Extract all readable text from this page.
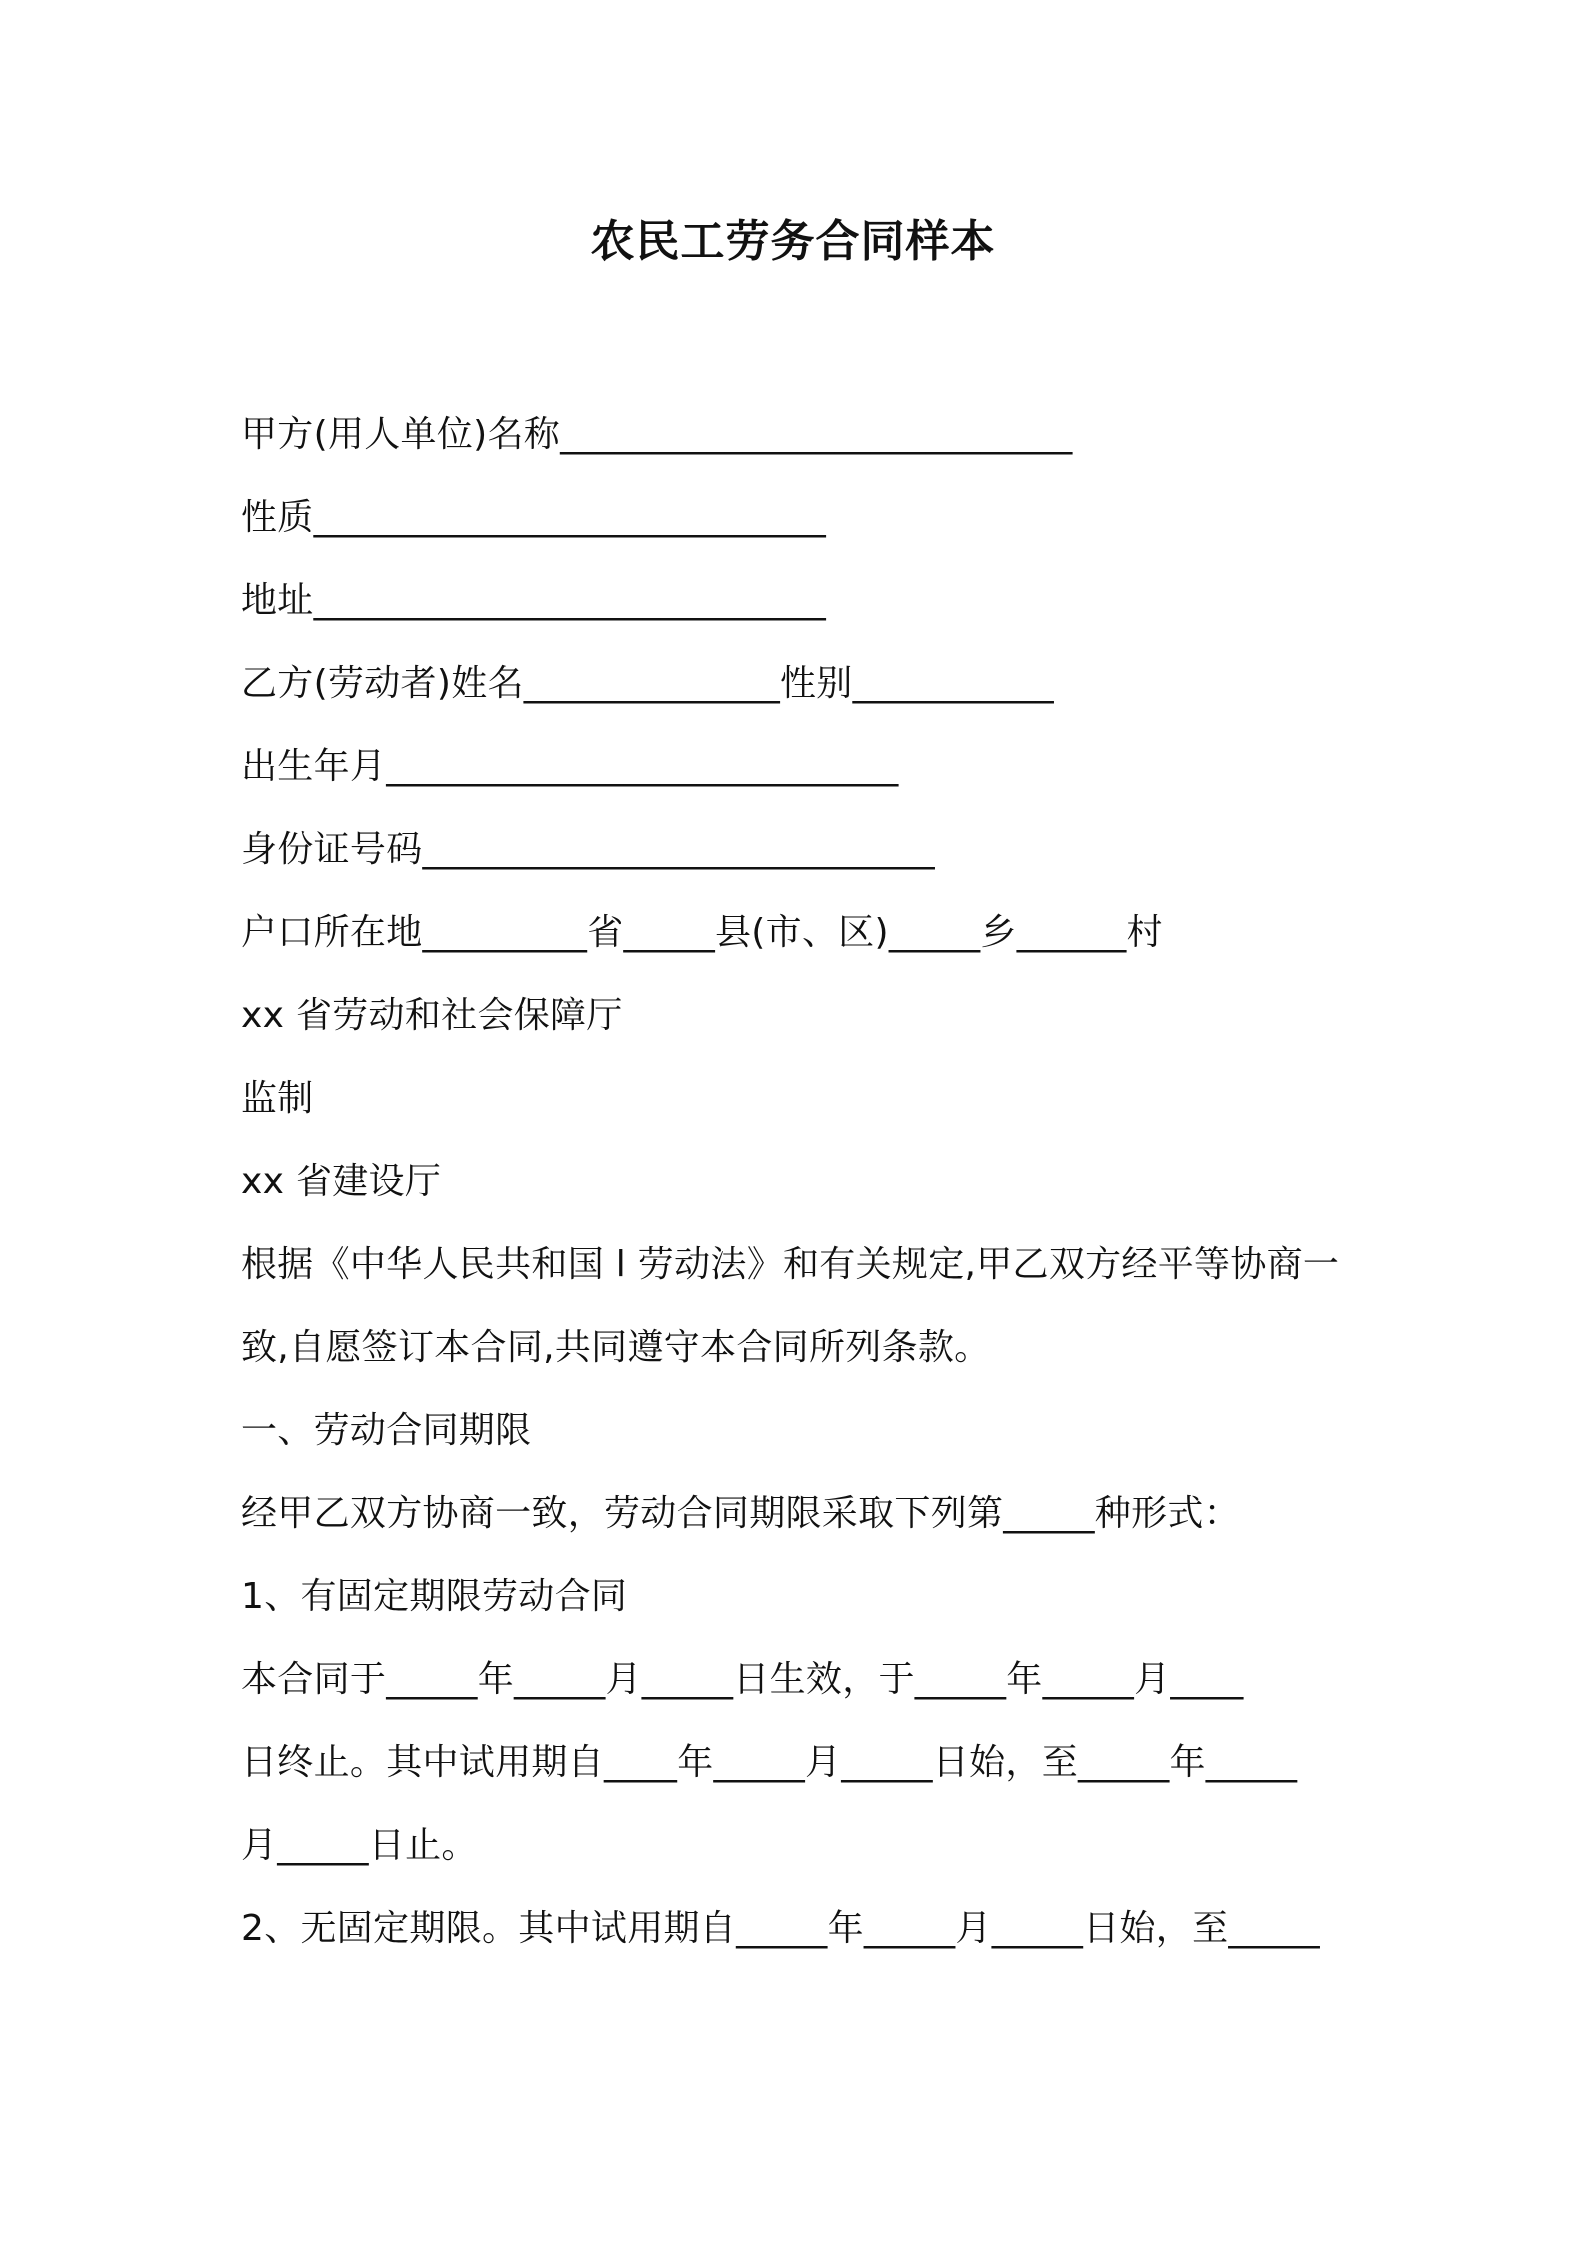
农民工劳务合同样本

甲方(用人单位)名称____________________________

性质____________________________

地址____________________________

乙方(劳动者)姓名______________性别___________

出生年月____________________________

身份证号码____________________________

户口所在地_________省_____县(市、区)_____乡______村

xx 省劳动和社会保障厅

监制

xx 省建设厅

根据《中华人民共和国 l 劳动法》和有关规定,甲乙双方经平等协商一

致,自愿签订本合同,共同遵守本合同所列条款。

一、劳动合同期限

经甲乙双方协商一致，劳动合同期限采取下列第_____种形式：

1、有固定期限劳动合同

本合同于_____年_____月_____日生效，于_____年_____月____

日终止。其中试用期自____年_____月_____日始，至_____年_____

月_____日止。

2、无固定期限。其中试用期自_____年_____月_____日始，至_____
